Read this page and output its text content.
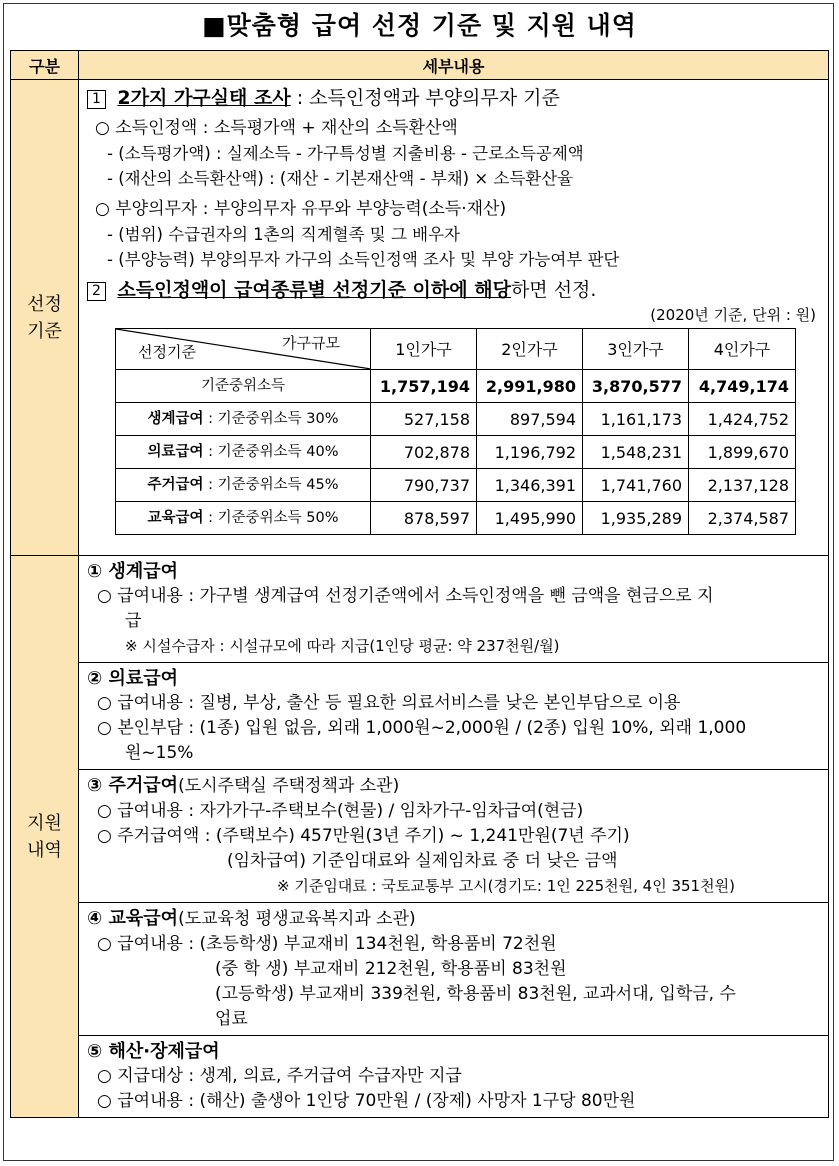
■맞춤형 급여 선정 기준 및 지원 내역
구분	세부내용

선정
기준

1 2가지 가구실태 조사 : 소득인정액과 부양의무자 기준
○ 소득인정액 : 소득평가액 + 재산의 소득환산액
- (소득평가액) : 실제소득 - 가구특성별 지출비용 - 근로소득공제액
- (재산의 소득환산액) : (재산 - 기본재산액 - 부채) × 소득환산율
○ 부양의무자 : 부양의무자 유무와 부양능력(소득·재산)
- (범위) 수급권자의 1촌의 직계혈족 및 그 배우자
- (부양능력) 부양의무자 가구의 소득인정액 조사 및 부양 가능여부 판단
2 소득인정액이 급여종류별 선정기준 이하에 해당하면 선정.
(2020년 기준, 단위 : 원)
가구규모
선정기준	1인가구	2인가구	3인가구	4인가구
기준중위소득	1,757,194	2,991,980	3,870,577	4,749,174
생계급여 : 기준중위소득 30%	527,158	897,594	1,161,173	1,424,752
의료급여 : 기준중위소득 40%	702,878	1,196,792	1,548,231	1,899,670
주거급여 : 기준중위소득 45%	790,737	1,346,391	1,741,760	2,137,128
교육급여 : 기준중위소득 50%	878,597	1,495,990	1,935,289	2,374,587

지원
내역

① 생계급여
○ 급여내용 : 가구별 생계급여 선정기준액에서 소득인정액을 뺀 금액을 현금으로 지
급
※ 시설수급자 : 시설규모에 따라 지급(1인당 평균: 약 237천원/월)
② 의료급여
○ 급여내용 : 질병, 부상, 출산 등 필요한 의료서비스를 낮은 본인부담으로 이용
○ 본인부담 : (1종) 입원 없음, 외래 1,000원~2,000원 / (2종) 입원 10%, 외래 1,000
원~15%
③ 주거급여(도시주택실 주택정책과 소관)
○ 급여내용 : 자가가구-주택보수(현물) / 임차가구-임차급여(현금)
○ 주거급여액 : (주택보수) 457만원(3년 주기) ~ 1,241만원(7년 주기)
(임차급여) 기준임대료와 실제임차료 중 더 낮은 금액
※ 기준임대료 : 국토교통부 고시(경기도: 1인 225천원, 4인 351천원)
④ 교육급여(도교육청 평생교육복지과 소관)
○ 급여내용 : (초등학생) 부교재비 134천원, 학용품비 72천원
(중 학 생) 부교재비 212천원, 학용품비 83천원
(고등학생) 부교재비 339천원, 학용품비 83천원, 교과서대, 입학금, 수
업료
⑤ 해산·장제급여
○ 지급대상 : 생계, 의료, 주거급여 수급자만 지급
○ 급여내용 : (해산) 출생아 1인당 70만원 / (장제) 사망자 1구당 80만원
